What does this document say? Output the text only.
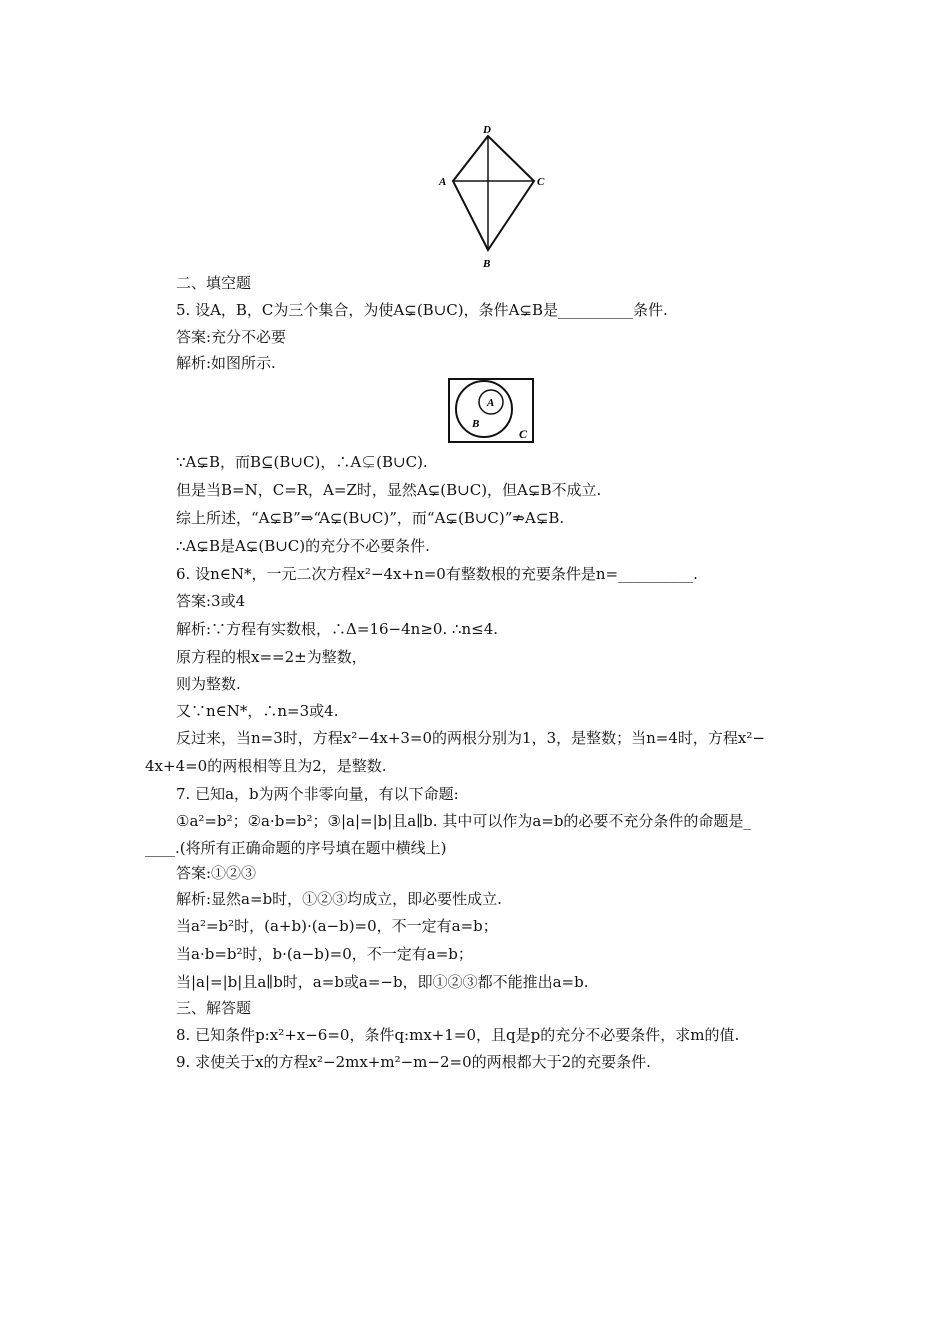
D
A	C
B
A
B
C
二、填空题
5. 设A，B，C为三个集合，为使A⊊(B∪C)，条件A⊊B是__________条件.
答案:充分不必要
解析:如图所示.
∵A⊊B，而B⊆(B∪C)，∴A⊊(B∪C).
但是当B=N，C=R，A=Z时，显然A⊊(B∪C)，但A⊊B不成立.
综上所述，“A⊊B”⇒“A⊊(B∪C)”，而“A⊊(B∪C)”⇏A⊊B.
∴A⊊B是A⊊(B∪C)的充分不必要条件.
6. 设n∈N*，一元二次方程x²−4x+n=0有整数根的充要条件是n=__________.
答案:3或4
解析:∵方程有实数根，∴Δ=16−4n≥0. ∴n≤4.
原方程的根x==2±为整数，
则为整数.
又∵n∈N*，∴n=3或4.
反过来，当n=3时，方程x²−4x+3=0的两根分别为1，3，是整数；当n=4时，方程x²−
4x+4=0的两根相等且为2，是整数.
7. 已知a，b为两个非零向量，有以下命题:
①a²=b²；②a·b=b²；③|a|=|b|且a∥b. 其中可以作为a=b的必要不充分条件的命题是_
____.(将所有正确命题的序号填在题中横线上)
答案:①②③
解析:显然a=b时，①②③均成立，即必要性成立.
当a²=b²时，(a+b)·(a−b)=0，不一定有a=b；
当a·b=b²时，b·(a−b)=0，不一定有a=b；
当|a|=|b|且a∥b时，a=b或a=−b，即①②③都不能推出a=b.
三、解答题
8. 已知条件p:x²+x−6=0，条件q:mx+1=0，且q是p的充分不必要条件，求m的值.
9. 求使关于x的方程x²−2mx+m²−m−2=0的两根都大于2的充要条件.
